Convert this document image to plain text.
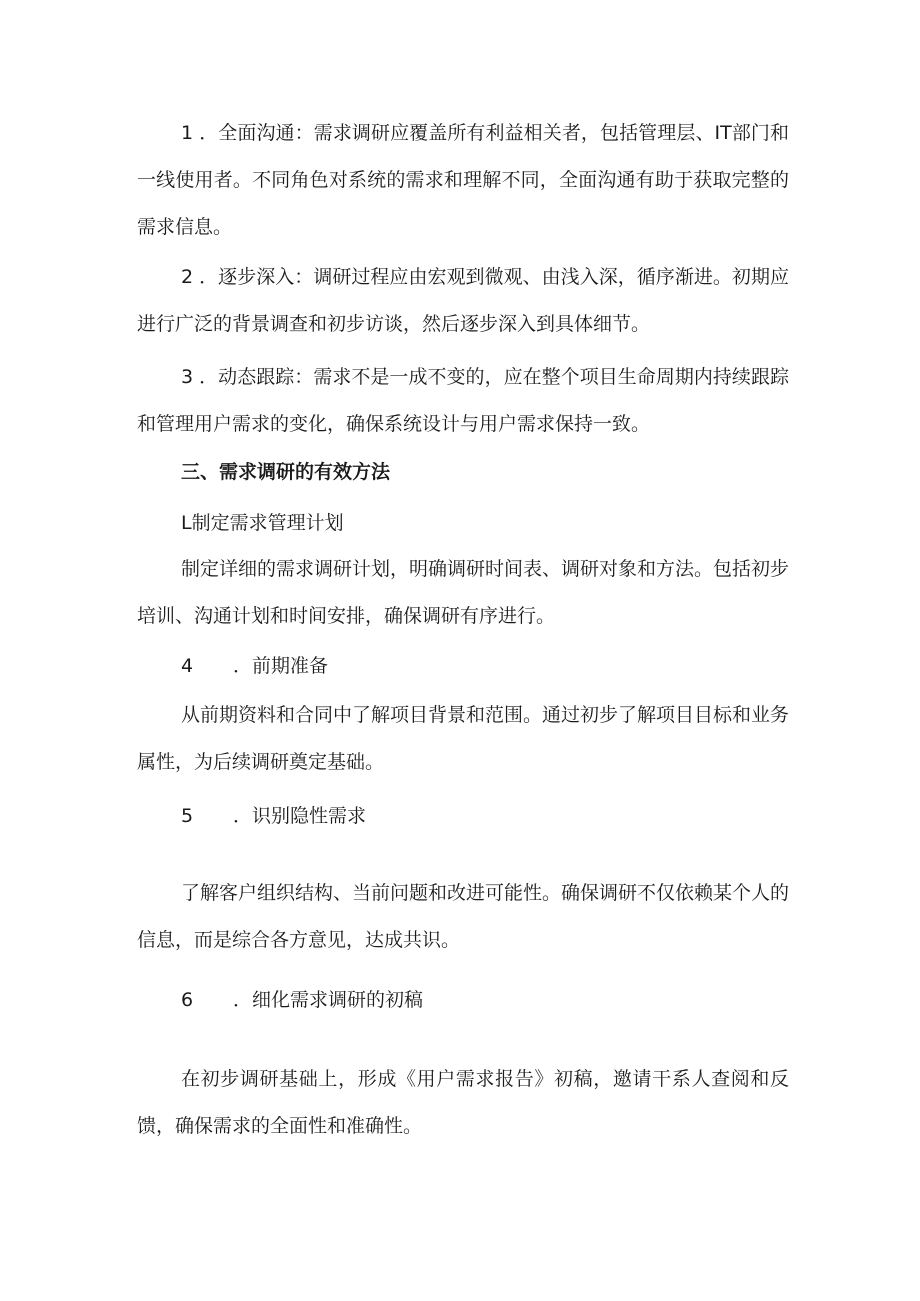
1 ．全面沟通：需求调研应覆盖所有利益相关者，包括管理层、IT部门和一线使用者。不同角色对系统的需求和理解不同，全面沟通有助于获取完整的需求信息。

2 ．逐步深入：调研过程应由宏观到微观、由浅入深，循序渐进。初期应进行广泛的背景调查和初步访谈，然后逐步深入到具体细节。

3 ．动态跟踪：需求不是一成不变的，应在整个项目生命周期内持续跟踪和管理用户需求的变化，确保系统设计与用户需求保持一致。

三、需求调研的有效方法

L制定需求管理计划

制定详细的需求调研计划，明确调研时间表、调研对象和方法。包括初步培训、沟通计划和时间安排，确保调研有序进行。

4 ．前期准备

从前期资料和合同中了解项目背景和范围。通过初步了解项目目标和业务属性，为后续调研奠定基础。

5 ．识别隐性需求

了解客户组织结构、当前问题和改进可能性。确保调研不仅依赖某个人的信息，而是综合各方意见，达成共识。

6 ．细化需求调研的初稿

在初步调研基础上，形成《用户需求报告》初稿，邀请干系人查阅和反馈，确保需求的全面性和准确性。
